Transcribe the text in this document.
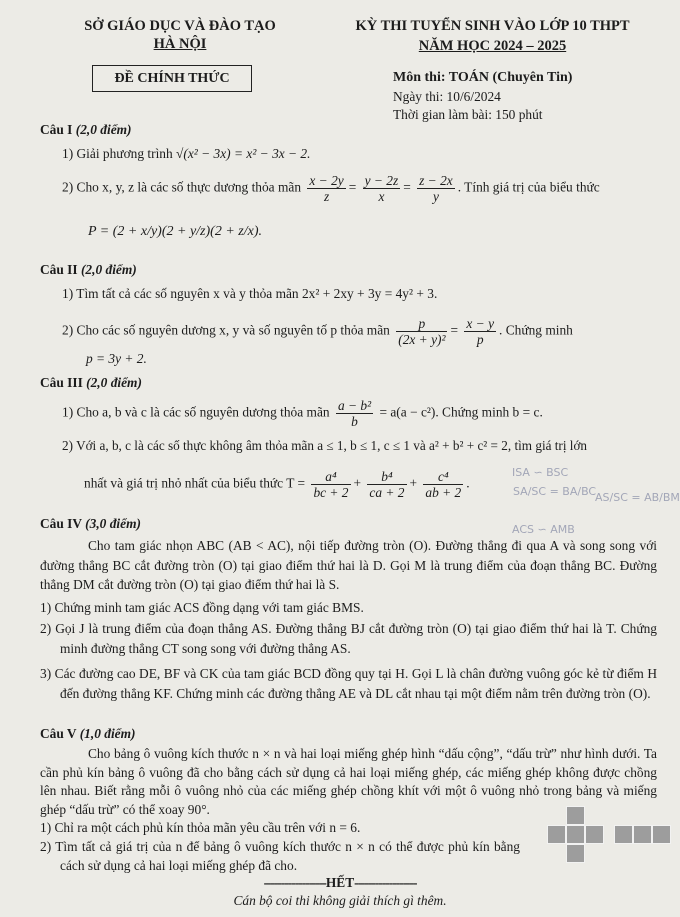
SỞ GIÁO DỤC VÀ ĐÀO TẠO
HÀ NỘI
KỲ THI TUYỂN SINH VÀO LỚP 10 THPT
NĂM HỌC 2024 – 2025
ĐỀ CHÍNH THỨC	Môn thi: TOÁN (Chuyên Tin)
Ngày thi: 10/6/2024
Thời gian làm bài: 150 phút
Câu I (2,0 điểm)
1) Giải phương trình √(x² − 3x) = x² − 3x − 2.
2) Cho x, y, z là các số thực dương thỏa mãn $\frac{x - 2y}{z} = \frac{y - 2z}{x} = \frac{z - 2x}{y}$ . Tính giá trị của biểu thức
P = (2 + x/y)(2 + y/z)(2 + z/x).
Câu II (2,0 điểm)
1) Tìm tất cả các số nguyên x và y thỏa mãn 2x² + 2xy + 3y = 4y² + 3.
2) Cho các số nguyên dương x, y và số nguyên tố p thỏa mãn $\frac{p}{\text{(2x + y)²}} = \frac{x - y}{p}$ . Chứng minh
p = 3y + 2.
Câu III (2,0 điểm)
1) Cho a, b và c là các số nguyên dương thỏa mãn $\frac{\text{a − b²}}{b} = a(a - c^2)$. Chứng minh b = c.
2) Với a, b, c là các số thực không âm thỏa mãn a ≤ 1, b ≤ 1, c ≤ 1 và a² + b² + c² = 2, tìm giá trị lớn
nhất và giá trị nhỏ nhất của biểu thức $T = \frac{\text{a⁴}}{bc + 2} + \frac{\text{b⁴}}{ca + 2} + \frac{\text{c⁴}}{ab + 2}$ .
ISA ∽ BSC
SA/SC = BA/BC
AS/SC = AB/BM
ACS ∽ AMB
Câu IV (3,0 điểm)
Cho tam giác nhọn ABC (AB < AC), nội tiếp đường tròn (O). Đường thẳng đi qua A và song song với đường thẳng BC cắt đường tròn (O) tại giao điểm thứ hai là D. Gọi M là trung điểm của đoạn thẳng BC. Đường thẳng DM cắt đường tròn (O) tại giao điểm thứ hai là S.
1) Chứng minh tam giác ACS đồng dạng với tam giác BMS.
2) Gọi J là trung điểm của đoạn thẳng AS. Đường thẳng BJ cắt đường tròn (O) tại giao điểm thứ hai là T. Chứng minh đường thẳng CT song song với đường thẳng AS.
3) Các đường cao DE, BF và CK của tam giác BCD đồng quy tại H. Gọi L là chân đường vuông góc kẻ từ điểm H đến đường thẳng KF. Chứng minh các đường thẳng AE và DL cắt nhau tại một điểm nằm trên đường tròn (O).
Câu V (1,0 điểm)
Cho bảng ô vuông kích thước n × n và hai loại miếng ghép hình “dấu cộng”, “dấu trừ” như hình dưới. Ta cần phủ kín bảng ô vuông đã cho bằng cách sử dụng cả hai loại miếng ghép, các miếng ghép không được chồng lên nhau. Biết rằng mỗi ô vuông nhỏ của các miếng ghép chồng khít với một ô vuông nhỏ trong bảng và miếng ghép “dấu trừ” có thể xoay 90°.
1) Chỉ ra một cách phủ kín thỏa mãn yêu cầu trên với n = 6.
2) Tìm tất cả giá trị của n để bảng ô vuông kích thước n × n có thể được phủ kín bằng cách sử dụng cả hai loại miếng ghép đã cho.
------------------HẾT------------------
Cán bộ coi thi không giải thích gì thêm.
